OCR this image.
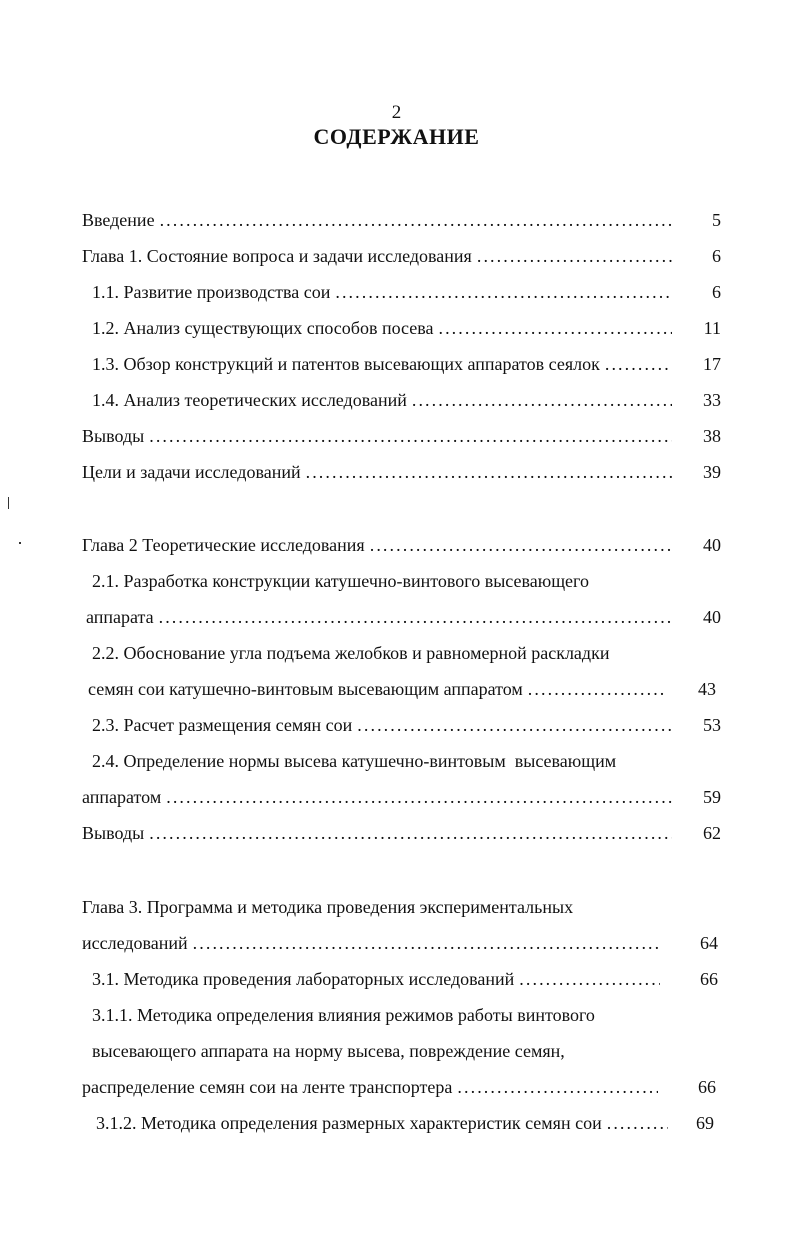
2
СОДЕРЖАНИЕ
Введение . . .	5
Глава 1. Состояние вопроса и задачи исследования . . .	6
1.1. Развитие производства сои . . .	6
1.2. Анализ существующих способов посева . . .	11
1.3. Обзор конструкций и патентов высевающих аппаратов сеялок . . .	17
1.4. Анализ теоретических исследований . . .	33
Выводы . . .	38
Цели и задачи исследований . . .	39
Глава 2 Теоретические исследования . . .	40
2.1. Разработка конструкции катушечно-винтового высевающего
аппарата . . .	40
2.2. Обоснование угла подъема желобков и равномерной раскладки
семян сои катушечно-винтовым высевающим аппаратом . . .	43
2.3. Расчет размещения семян сои . . .	53
2.4. Определение нормы высева катушечно-винтовым  высевающим
аппаратом . . .	59
Выводы . . .	62
Глава 3. Программа и методика проведения экспериментальных
исследований . . .	64
3.1. Методика проведения лабораторных исследований . . .	66
3.1.1. Методика определения влияния режимов работы винтового
высевающего аппарата на норму высева, повреждение семян,
распределение семян сои на ленте транспортера . . .	66
3.1.2. Методика определения размерных характеристик семян сои . . .	69
